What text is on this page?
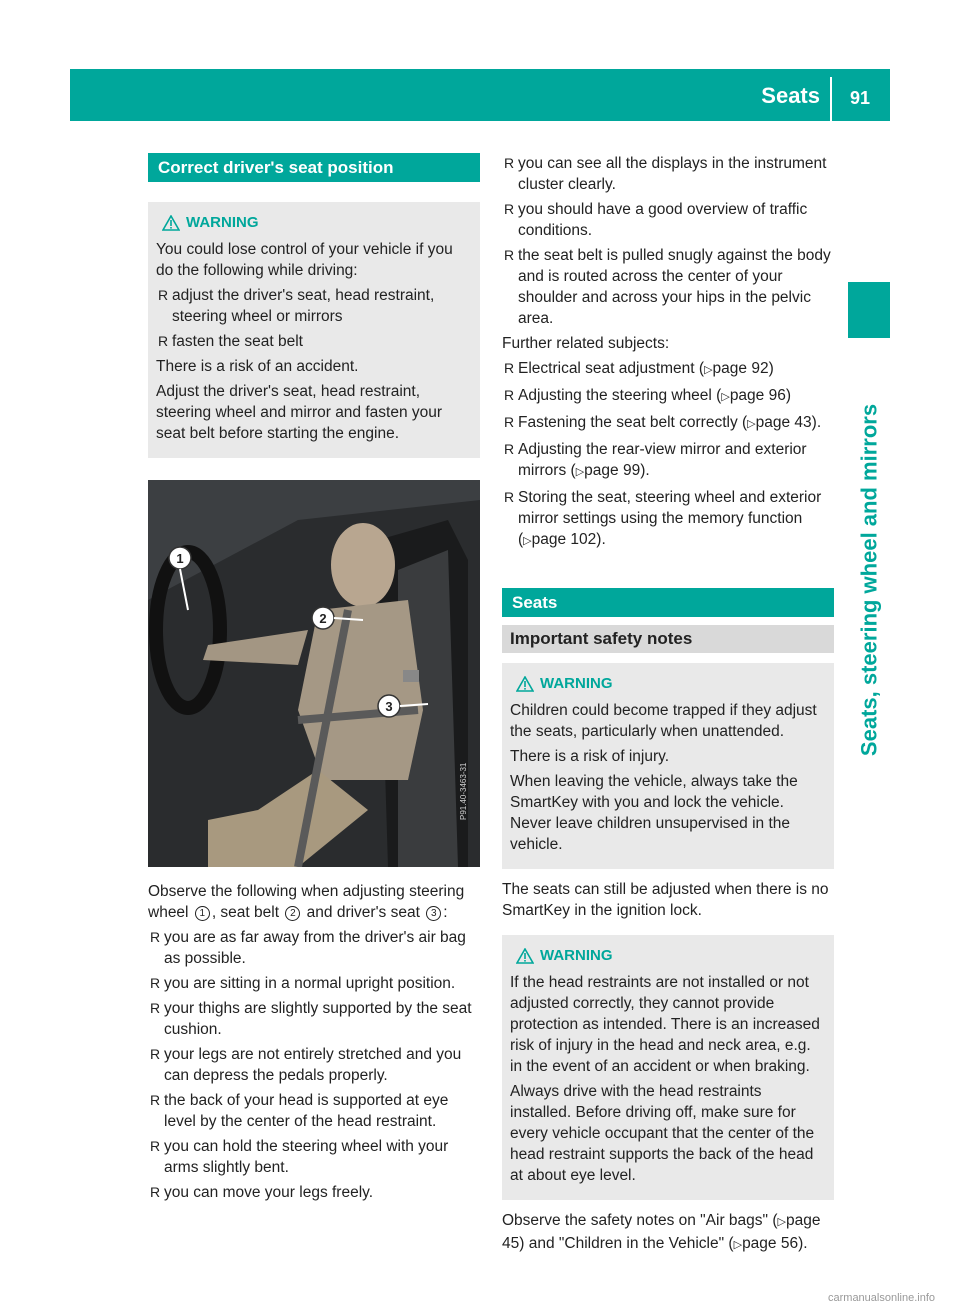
Seats 91
Seats, steering wheel and mirrors
Correct driver's seat position
WARNING

You could lose control of your vehicle if you do the following while driving:

R adjust the driver's seat, head restraint, steering wheel or mirrors
R fasten the seat belt

There is a risk of an accident.

Adjust the driver's seat, head restraint, steering wheel and mirror and fasten your seat belt before starting the engine.

1
2
3
P91.40-3463-31

Observe the following when adjusting steering wheel 1 , seat belt 2 and driver's seat 3 :

R you are as far away from the driver's air bag as possible.
R you are sitting in a normal upright position.
R your thighs are slightly supported by the seat cushion.
R your legs are not entirely stretched and you can depress the pedals properly.
R the back of your head is supported at eye level by the center of the head restraint.
R you can hold the steering wheel with your arms slightly bent.
R you can move your legs freely.
R you can see all the displays in the instrument cluster clearly.
R you should have a good overview of traffic conditions.
R the seat belt is pulled snugly against the body and is routed across the center of your shoulder and across your hips in the pelvic area.

Further related subjects:

R Electrical seat adjustment (▷page 92)
R Adjusting the steering wheel (▷page 96)
R Fastening the seat belt correctly (▷page 43).
R Adjusting the rear-view mirror and exterior mirrors (▷page 99).
R Storing the seat, steering wheel and exterior mirror settings using the memory function (▷page 102).
Seats
Important safety notes
WARNING

Children could become trapped if they adjust the seats, particularly when unattended.

There is a risk of injury.

When leaving the vehicle, always take the SmartKey with you and lock the vehicle. Never leave children unsupervised in the vehicle.

The seats can still be adjusted when there is no SmartKey in the ignition lock.

WARNING

If the head restraints are not installed or not adjusted correctly, they cannot provide protection as intended. There is an increased risk of injury in the head and neck area, e.g. in the event of an accident or when braking.

Always drive with the head restraints installed. Before driving off, make sure for every vehicle occupant that the center of the head restraint supports the back of the head at about eye level.

Observe the safety notes on "Air bags" (▷page 45) and "Children in the Vehicle" (▷page 56).

carmanualsonline.info
